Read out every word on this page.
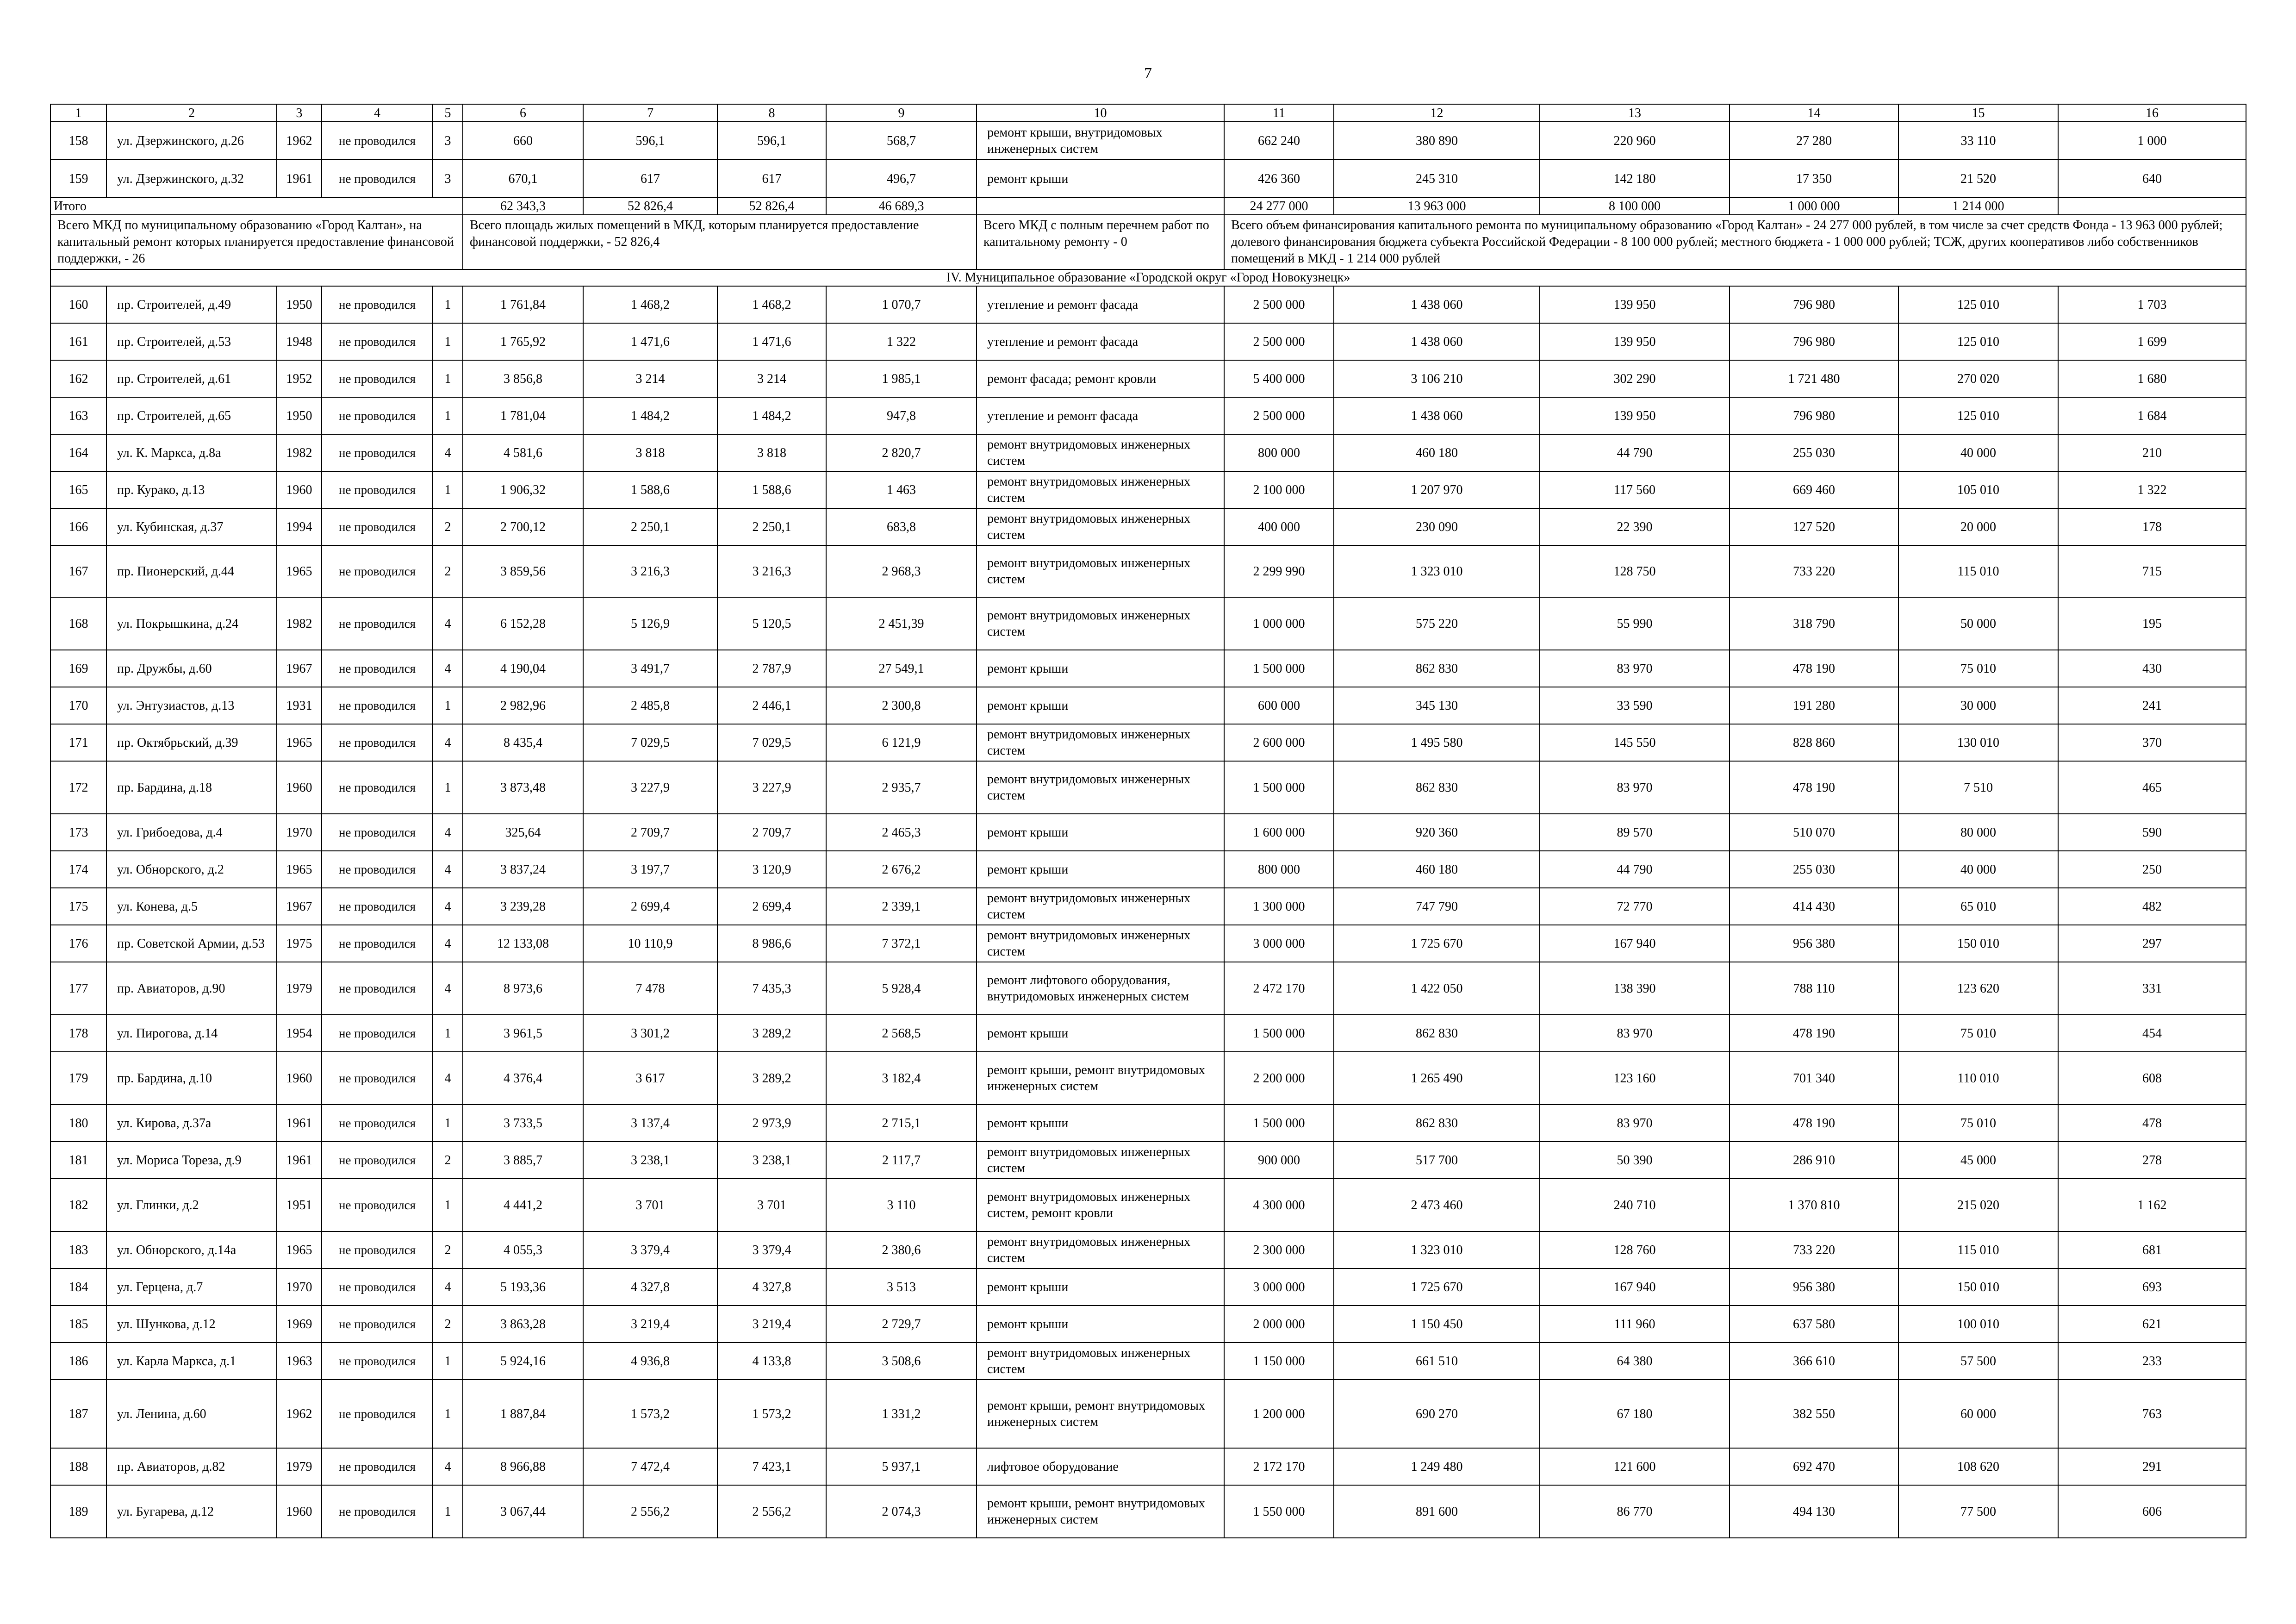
7
1	2	3	4	5	6	7	8	9	10	11	12	13	14	15	16
158	ул. Дзержинского, д.26	1962	не проводился	3	660	596,1	596,1	568,7	ремонт крыши, внутридомовых инженерных систем	662 240	380 890	220 960	27 280	33 110	1 000
159	ул. Дзержинского, д.32	1961	не проводился	3	670,1	617	617	496,7	ремонт крыши	426 360	245 310	142 180	17 350	21 520	640
Итого					62 343,3	52 826,4	52 826,4	46 689,3		24 277 000	13 963 000	8 100 000	1 000 000	1 214 000	
Всего МКД по муниципальному образованию «Город Калтан», на капитальный ремонт которых планируется предоставление финансовой поддержки, - 26					Всего площадь жилых помещений в МКД, которым планируется предоставление финансовой поддержки, - 52 826,4				Всего МКД с полным перечнем работ по капитальному ремонту - 0	Всего объем финансирования капитального ремонта по муниципальному образованию «Город Калтан» - 24 277 000 рублей, в том числе за счет средств Фонда - 13 963 000 рублей; долевого финансирования бюджета субъекта Российской Федерации - 8 100 000 рублей; местного бюджета - 1 000 000 рублей; ТСЖ, других кооперативов либо собственников помещений в МКД - 1 214 000 рублей					
IV. Муниципальное образование «Городской округ «Город Новокузнецк»															
160	пр. Строителей, д.49	1950	не проводился	1	1 761,84	1 468,2	1 468,2	1 070,7	утепление и ремонт фасада	2 500 000	1 438 060	139 950	796 980	125 010	1 703
161	пр. Строителей, д.53	1948	не проводился	1	1 765,92	1 471,6	1 471,6	1 322	утепление и ремонт фасада	2 500 000	1 438 060	139 950	796 980	125 010	1 699
162	пр. Строителей, д.61	1952	не проводился	1	3 856,8	3 214	3 214	1 985,1	ремонт фасада; ремонт кровли	5 400 000	3 106 210	302 290	1 721 480	270 020	1 680
163	пр. Строителей, д.65	1950	не проводился	1	1 781,04	1 484,2	1 484,2	947,8	утепление и ремонт фасада	2 500 000	1 438 060	139 950	796 980	125 010	1 684
164	ул. К. Маркса, д.8а	1982	не проводился	4	4 581,6	3 818	3 818	2 820,7	ремонт внутридомовых инженерных систем	800 000	460 180	44 790	255 030	40 000	210
165	пр. Курако, д.13	1960	не проводился	1	1 906,32	1 588,6	1 588,6	1 463	ремонт внутридомовых инженерных систем	2 100 000	1 207 970	117 560	669 460	105 010	1 322
166	ул. Кубинская, д.37	1994	не проводился	2	2 700,12	2 250,1	2 250,1	683,8	ремонт внутридомовых инженерных систем	400 000	230 090	22 390	127 520	20 000	178
167	пр. Пионерский, д.44	1965	не проводился	2	3 859,56	3 216,3	3 216,3	2 968,3	ремонт внутридомовых инженерных систем	2 299 990	1 323 010	128 750	733 220	115 010	715
168	ул. Покрышкина, д.24	1982	не проводился	4	6 152,28	5 126,9	5 120,5	2 451,39	ремонт внутридомовых инженерных систем	1 000 000	575 220	55 990	318 790	50 000	195
169	пр. Дружбы, д.60	1967	не проводился	4	4 190,04	3 491,7	2 787,9	27 549,1	ремонт крыши	1 500 000	862 830	83 970	478 190	75 010	430
170	ул. Энтузиастов, д.13	1931	не проводился	1	2 982,96	2 485,8	2 446,1	2 300,8	ремонт крыши	600 000	345 130	33 590	191 280	30 000	241
171	пр. Октябрьский, д.39	1965	не проводился	4	8 435,4	7 029,5	7 029,5	6 121,9	ремонт внутридомовых инженерных систем	2 600 000	1 495 580	145 550	828 860	130 010	370
172	пр. Бардина, д.18	1960	не проводился	1	3 873,48	3 227,9	3 227,9	2 935,7	ремонт внутридомовых инженерных систем	1 500 000	862 830	83 970	478 190	7 510	465
173	ул. Грибоедова, д.4	1970	не проводился	4	325,64	2 709,7	2 709,7	2 465,3	ремонт крыши	1 600 000	920 360	89 570	510 070	80 000	590
174	ул. Обнорского, д.2	1965	не проводился	4	3 837,24	3 197,7	3 120,9	2 676,2	ремонт крыши	800 000	460 180	44 790	255 030	40 000	250
175	ул. Конева, д.5	1967	не проводился	4	3 239,28	2 699,4	2 699,4	2 339,1	ремонт внутридомовых инженерных систем	1 300 000	747 790	72 770	414 430	65 010	482
176	пр. Советской Армии, д.53	1975	не проводился	4	12 133,08	10 110,9	8 986,6	7 372,1	ремонт внутридомовых инженерных систем	3 000 000	1 725 670	167 940	956 380	150 010	297
177	пр. Авиаторов, д.90	1979	не проводился	4	8 973,6	7 478	7 435,3	5 928,4	ремонт лифтового оборудования, внутридомовых инженерных систем	2 472 170	1 422 050	138 390	788 110	123 620	331
178	ул. Пирогова, д.14	1954	не проводился	1	3 961,5	3 301,2	3 289,2	2 568,5	ремонт крыши	1 500 000	862 830	83 970	478 190	75 010	454
179	пр. Бардина, д.10	1960	не проводился	4	4 376,4	3 617	3 289,2	3 182,4	ремонт крыши, ремонт внутридомовых инженерных систем	2 200 000	1 265 490	123 160	701 340	110 010	608
180	ул. Кирова, д.37а	1961	не проводился	1	3 733,5	3 137,4	2 973,9	2 715,1	ремонт крыши	1 500 000	862 830	83 970	478 190	75 010	478
181	ул. Мориса Тореза, д.9	1961	не проводился	2	3 885,7	3 238,1	3 238,1	2 117,7	ремонт внутридомовых инженерных систем	900 000	517 700	50 390	286 910	45 000	278
182	ул. Глинки, д.2	1951	не проводился	1	4 441,2	3 701	3 701	3 110	ремонт внутридомовых инженерных систем, ремонт кровли	4 300 000	2 473 460	240 710	1 370 810	215 020	1 162
183	ул. Обнорского, д.14а	1965	не проводился	2	4 055,3	3 379,4	3 379,4	2 380,6	ремонт внутридомовых инженерных систем	2 300 000	1 323 010	128 760	733 220	115 010	681
184	ул. Герцена, д.7	1970	не проводился	4	5 193,36	4 327,8	4 327,8	3 513	ремонт крыши	3 000 000	1 725 670	167 940	956 380	150 010	693
185	ул. Шункова, д.12	1969	не проводился	2	3 863,28	3 219,4	3 219,4	2 729,7	ремонт крыши	2 000 000	1 150 450	111 960	637 580	100 010	621
186	ул. Карла Маркса, д.1	1963	не проводился	1	5 924,16	4 936,8	4 133,8	3 508,6	ремонт внутридомовых инженерных систем	1 150 000	661 510	64 380	366 610	57 500	233
187	ул. Ленина, д.60	1962	не проводился	1	1 887,84	1 573,2	1 573,2	1 331,2	ремонт крыши, ремонт внутридомовых инженерных систем	1 200 000	690 270	67 180	382 550	60 000	763
188	пр. Авиаторов, д.82	1979	не проводился	4	8 966,88	7 472,4	7 423,1	5 937,1	лифтовое оборудование	2 172 170	1 249 480	121 600	692 470	108 620	291
189	ул. Бугарева, д.12	1960	не проводился	1	3 067,44	2 556,2	2 556,2	2 074,3	ремонт крыши, ремонт внутридомовых инженерных систем	1 550 000	891 600	86 770	494 130	77 500	606
